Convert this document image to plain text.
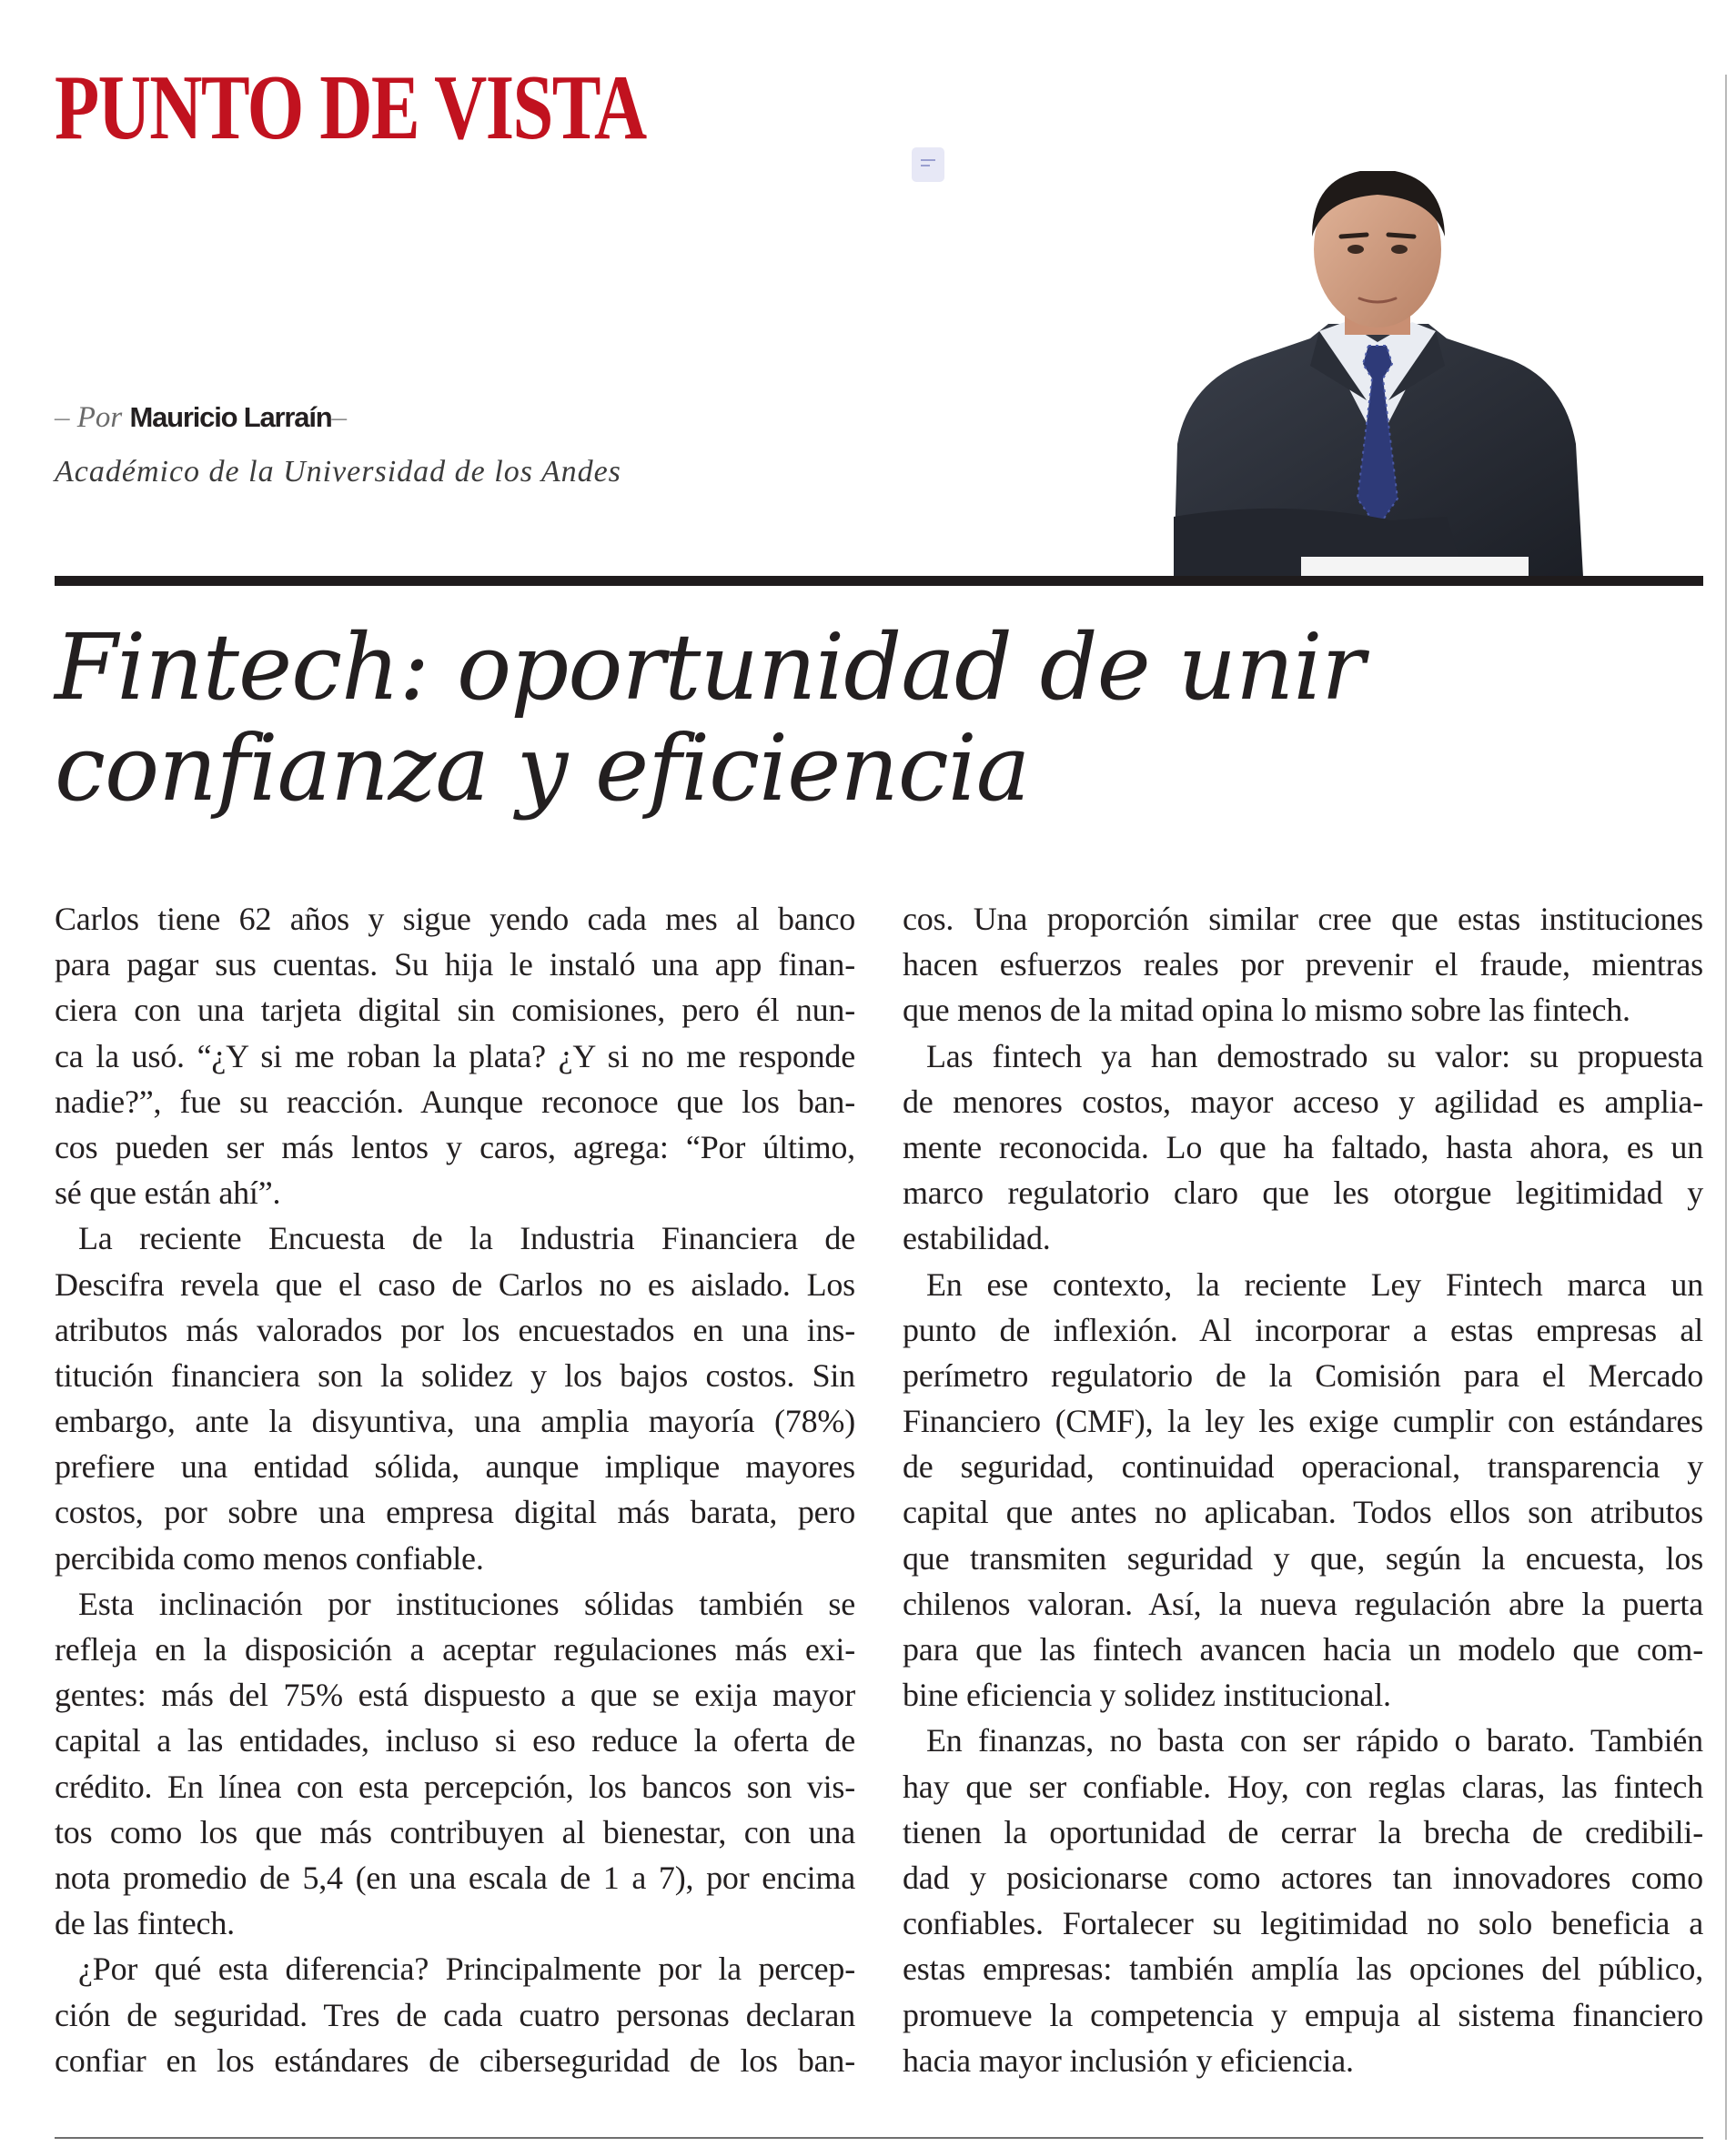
PUNTO DE VISTA
– Por Mauricio Larraín–
Académico de la Universidad de los Andes
Fintech: oportunidad de unir
confianza y eficiencia

Carlos tiene 62 años y sigue yendo cada mes al banco
para pagar sus cuentas. Su hija le instaló una app finan-
ciera con una tarjeta digital sin comisiones, pero él nun-
ca la usó. “¿Y si me roban la plata? ¿Y si no me responde
nadie?”, fue su reacción. Aunque reconoce que los ban-
cos pueden ser más lentos y caros, agrega: “Por último,
sé que están ahí”.

La reciente Encuesta de la Industria Financiera de
Descifra revela que el caso de Carlos no es aislado. Los
atributos más valorados por los encuestados en una ins-
titución financiera son la solidez y los bajos costos. Sin
embargo, ante la disyuntiva, una amplia mayoría (78%)
prefiere una entidad sólida, aunque implique mayores
costos, por sobre una empresa digital más barata, pero
percibida como menos confiable.

Esta inclinación por instituciones sólidas también se
refleja en la disposición a aceptar regulaciones más exi-
gentes: más del 75% está dispuesto a que se exija mayor
capital a las entidades, incluso si eso reduce la oferta de
crédito. En línea con esta percepción, los bancos son vis-
tos como los que más contribuyen al bienestar, con una
nota promedio de 5,4 (en una escala de 1 a 7), por encima
de las fintech.

¿Por qué esta diferencia? Principalmente por la percep-
ción de seguridad. Tres de cada cuatro personas declaran
confiar en los estándares de ciberseguridad de los ban-

cos. Una proporción similar cree que estas instituciones
hacen esfuerzos reales por prevenir el fraude, mientras
que menos de la mitad opina lo mismo sobre las fintech.

Las fintech ya han demostrado su valor: su propuesta
de menores costos, mayor acceso y agilidad es amplia-
mente reconocida. Lo que ha faltado, hasta ahora, es un
marco regulatorio claro que les otorgue legitimidad y
estabilidad.

En ese contexto, la reciente Ley Fintech marca un
punto de inflexión. Al incorporar a estas empresas al
perímetro regulatorio de la Comisión para el Mercado
Financiero (CMF), la ley les exige cumplir con estándares
de seguridad, continuidad operacional, transparencia y
capital que antes no aplicaban. Todos ellos son atributos
que transmiten seguridad y que, según la encuesta, los
chilenos valoran. Así, la nueva regulación abre la puerta
para que las fintech avancen hacia un modelo que com-
bine eficiencia y solidez institucional.

En finanzas, no basta con ser rápido o barato. También
hay que ser confiable. Hoy, con reglas claras, las fintech
tienen la oportunidad de cerrar la brecha de credibili-
dad y posicionarse como actores tan innovadores como
confiables. Fortalecer su legitimidad no solo beneficia a
estas empresas: también amplía las opciones del público,
promueve la competencia y empuja al sistema financiero
hacia mayor inclusión y eficiencia.
